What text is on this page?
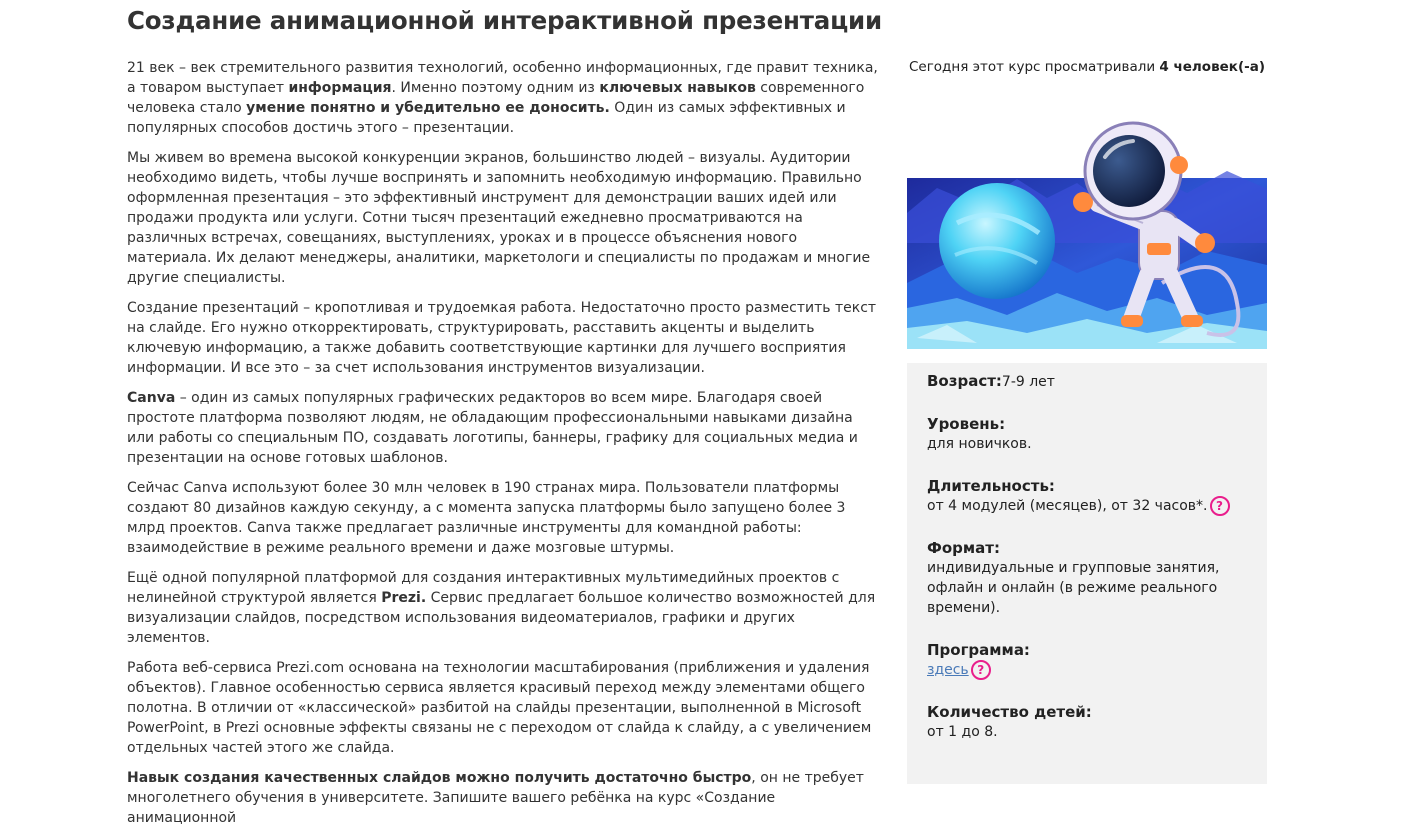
Создание анимационной интерактивной презентации

21 век – век стремительного развития технологий, особенно информационных, где правит техника, а товаром выступает информация. Именно поэтому одним из ключевых навыков современного человека стало умение понятно и убедительно ее доносить. Один из самых эффективных и популярных способов достичь этого – презентации.

Мы живем во времена высокой конкуренции экранов, большинство людей – визуалы. Аудитории необходимо видеть, чтобы лучше воспринять и запомнить необходимую информацию. Правильно оформленная презентация – это эффективный инструмент для демонстрации ваших идей или продажи продукта или услуги. Сотни тысяч презентаций ежедневно просматриваются на различных встречах, совещаниях, выступлениях, уроках и в процессе объяснения нового материала. Их делают менеджеры, аналитики, маркетологи и специалисты по продажам и многие другие специалисты.

Создание презентаций – кропотливая и трудоемкая работа. Недостаточно просто разместить текст на слайде. Его нужно откорректировать, структурировать, расставить акценты и выделить ключевую информацию, а также добавить соответствующие картинки для лучшего восприятия информации. И все это – за счет использования инструментов визуализации.

Canva – один из самых популярных графических редакторов во всем мире. Благодаря своей простоте платформа позволяют людям, не обладающим профессиональными навыками дизайна или работы со специальным ПО, создавать логотипы, баннеры, графику для социальных медиа и презентации на основе готовых шаблонов.

Сейчас Canva используют более 30 млн человек в 190 странах мира. Пользователи платформы создают 80 дизайнов каждую секунду, а с момента запуска платформы было запущено более 3 млрд проектов. Canva также предлагает различные инструменты для командной работы: взаимодействие в режиме реального времени и даже мозговые штурмы.

Ещё одной популярной платформой для создания интерактивных мультимедийных проектов с нелинейной структурой является Prezi. Сервис предлагает большое количество возможностей для визуализации слайдов, посредством использования видеоматериалов, графики и других элементов.

Работа веб-сервиса Prezi.com основана на технологии масштабирования (приближения и удаления объектов). Главное особенностью сервиса является красивый переход между элементами общего полотна. В отличии от «классической» разбитой на слайды презентации, выполненной в Microsoft PowerPoint, в Prezi основные эффекты связаны не с переходом от слайда к слайду, а с увеличением отдельных частей этого же слайда.

Навык создания качественных слайдов можно получить достаточно быстро, он не требует многолетнего обучения в университете. Запишите вашего ребёнка на курс «Создание анимационной

Сегодня этот курс просматривали 4 человек(-а)
Возраст:7-9 лет
Уровень:
для новичков.
Длительность:
от 4 модулей (месяцев), от 32 часов*. ?
Формат:
индивидуальные и групповые занятия, офлайн и онлайн (в режиме реального времени).
Программа:
здесь ?
Количество детей:
от 1 до 8.
